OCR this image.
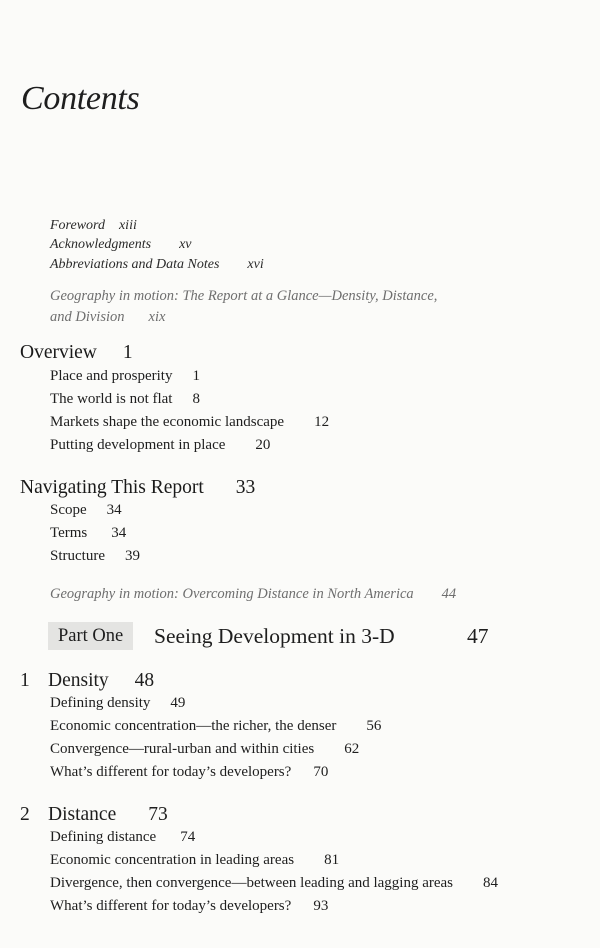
Contents
Foreword xiii
Acknowledgments xv
Abbreviations and Data Notes xvi
Geography in motion: The Report at a Glance—Density, Distance,
and Division xix
Overview 1
Place and prosperity 1
The world is not flat 8
Markets shape the economic landscape 12
Putting development in place 20
Navigating This Report 33
Scope 34
Terms 34
Structure 39
Geography in motion: Overcoming Distance in North America 44
Part One	Seeing Development in 3-D	47
1 Density 48
Defining density 49
Economic concentration—the richer, the denser 56
Convergence—rural-urban and within cities 62
What’s different for today’s developers? 70
2 Distance 73
Defining distance 74
Economic concentration in leading areas 81
Divergence, then convergence—between leading and lagging areas 84
What’s different for today’s developers? 93
